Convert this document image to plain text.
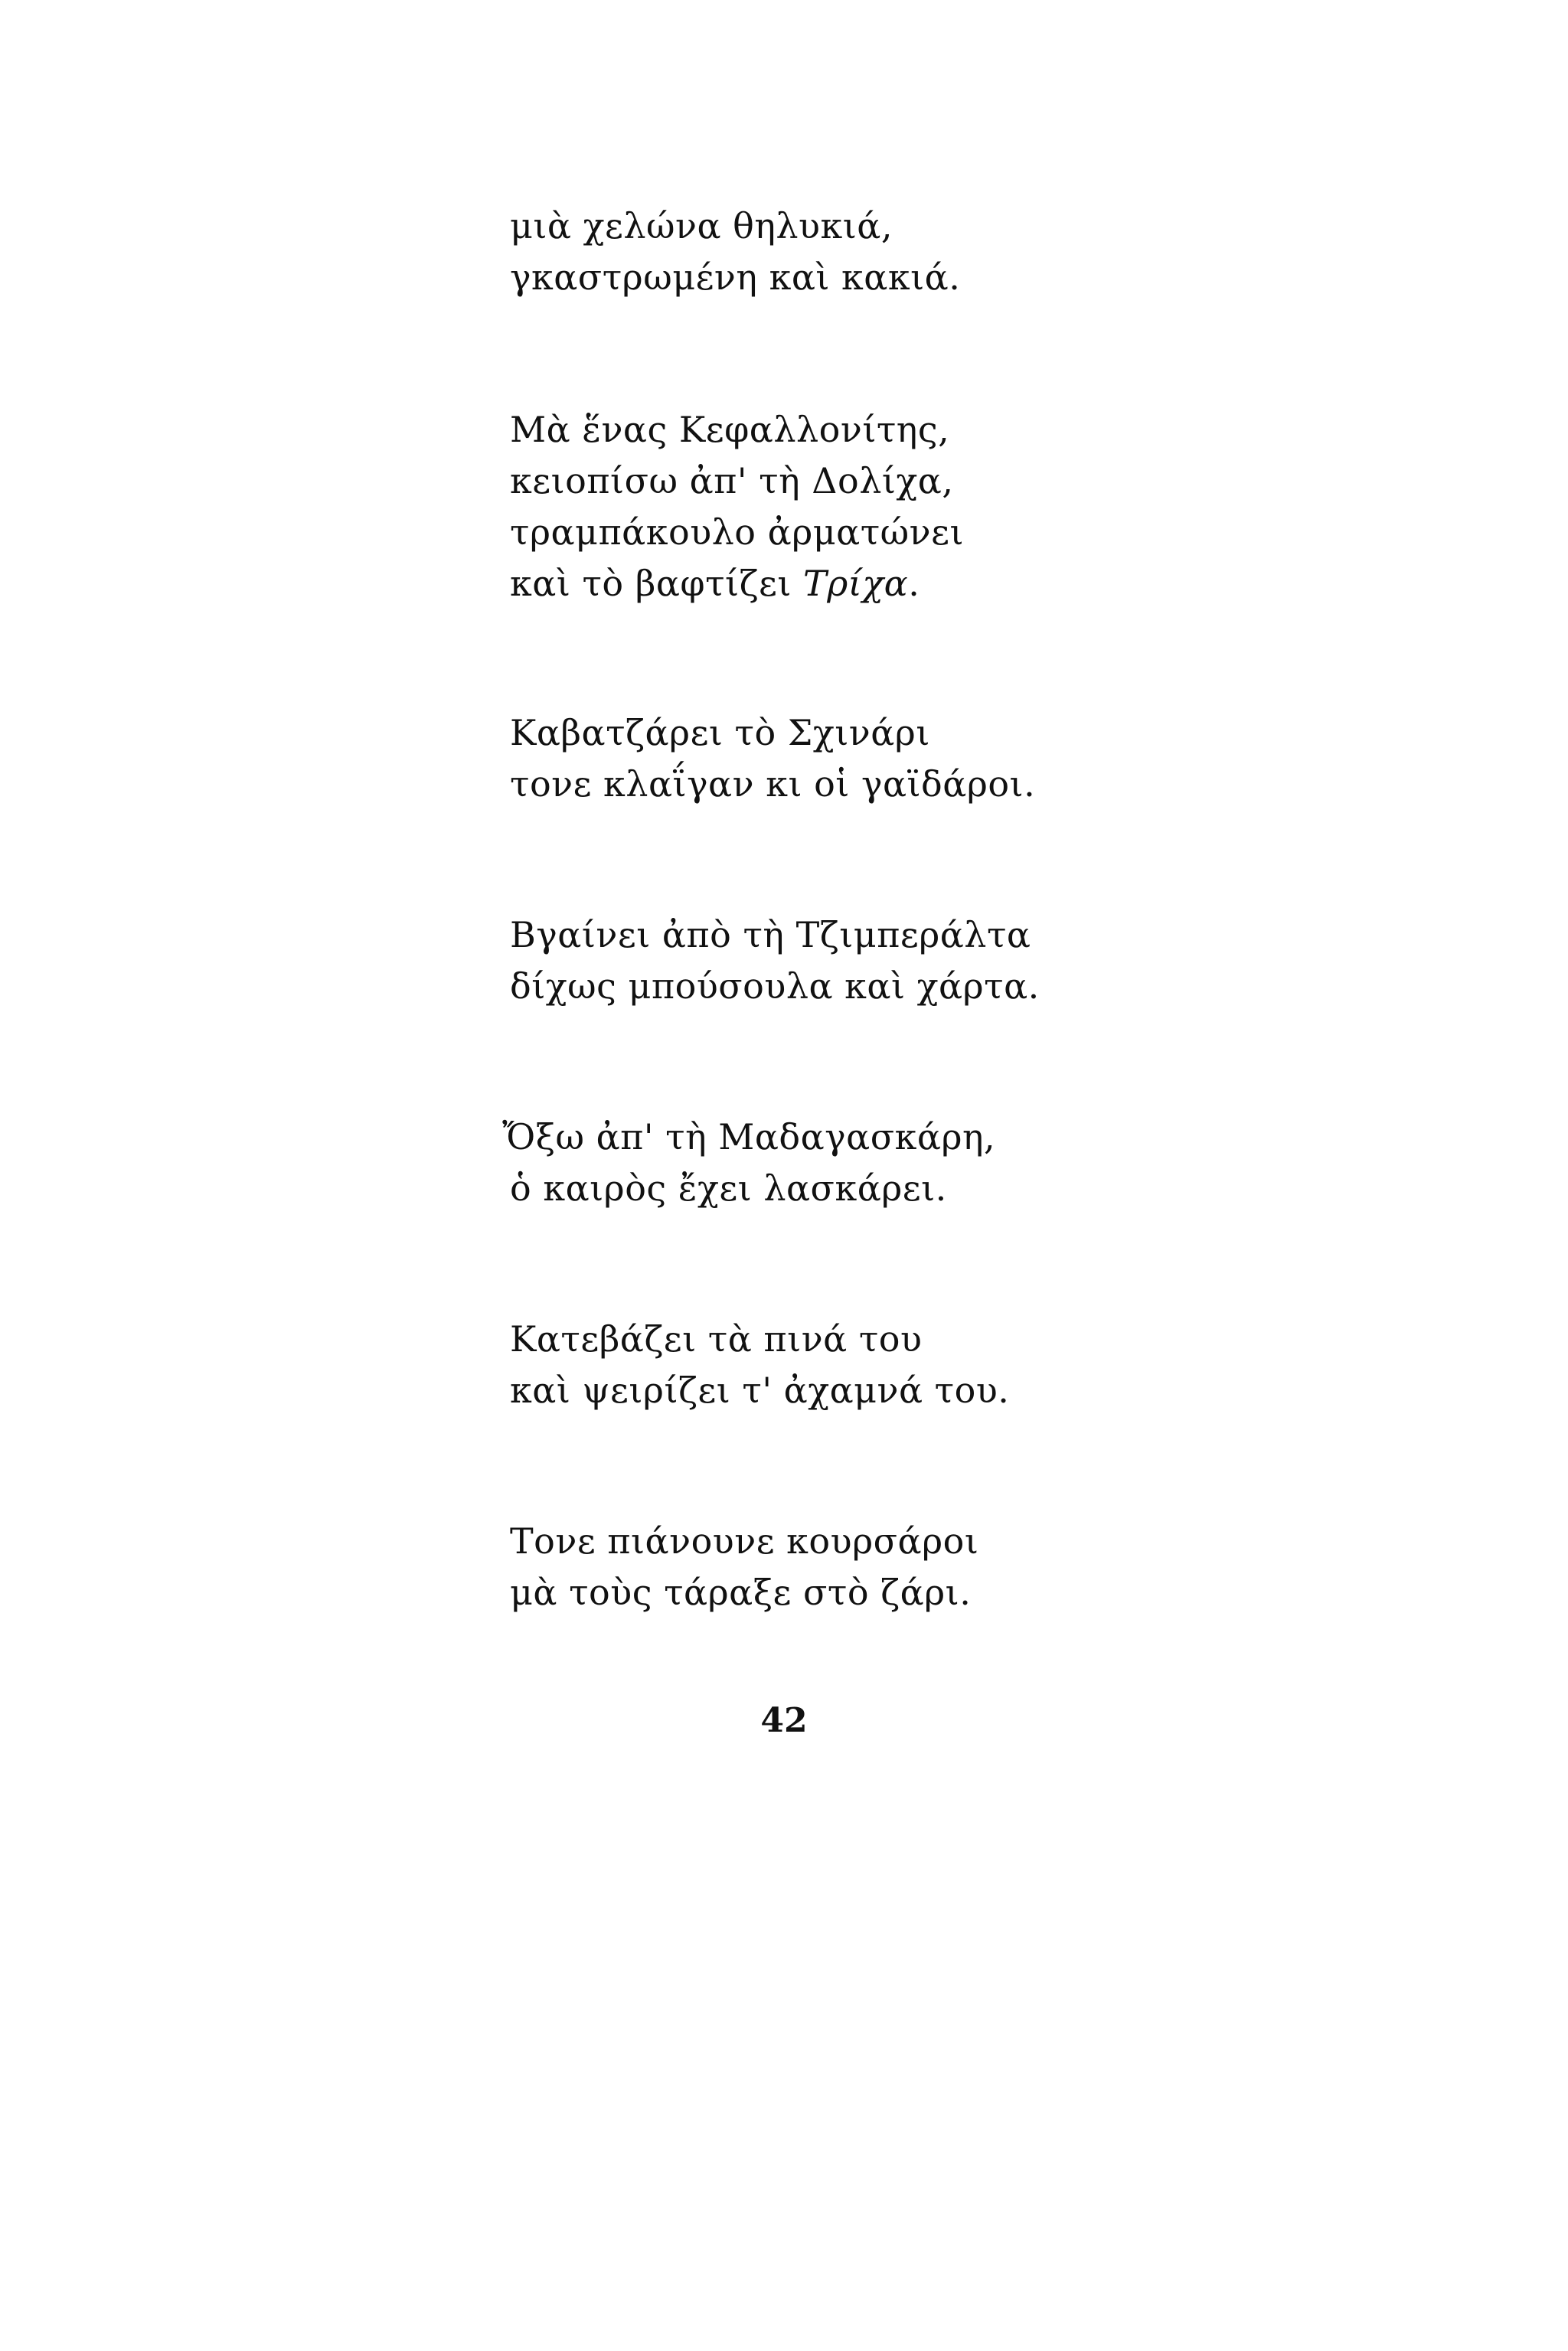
μιὰ χελώνα θηλυκιά,
γκαστρωμένη καὶ κακιά.
Μὰ ἕνας Κεφαλλονίτης,
κειοπίσω ἀπ' τὴ Δολίχα,
τραμπάκουλο ἀρματώνει
καὶ τὸ βαφτίζει Τρίχα.
Καβατζάρει τὸ Σχινάρι
τονε κλαΐγαν κι οἱ γαϊδάροι.
Βγαίνει ἀπὸ τὴ Τζιμπεράλτα
δίχως μπούσουλα καὶ χάρτα.
Ὄξω ἀπ' τὴ Μαδαγασκάρη,
ὁ καιρὸς ἔχει λασκάρει.
Κατεβάζει τὰ πινά του
καὶ ψειρίζει τ' ἀχαμνά του.
Τονε πιάνουνε κουρσάροι
μὰ τοὺς τάραξε στὸ ζάρι.
42
